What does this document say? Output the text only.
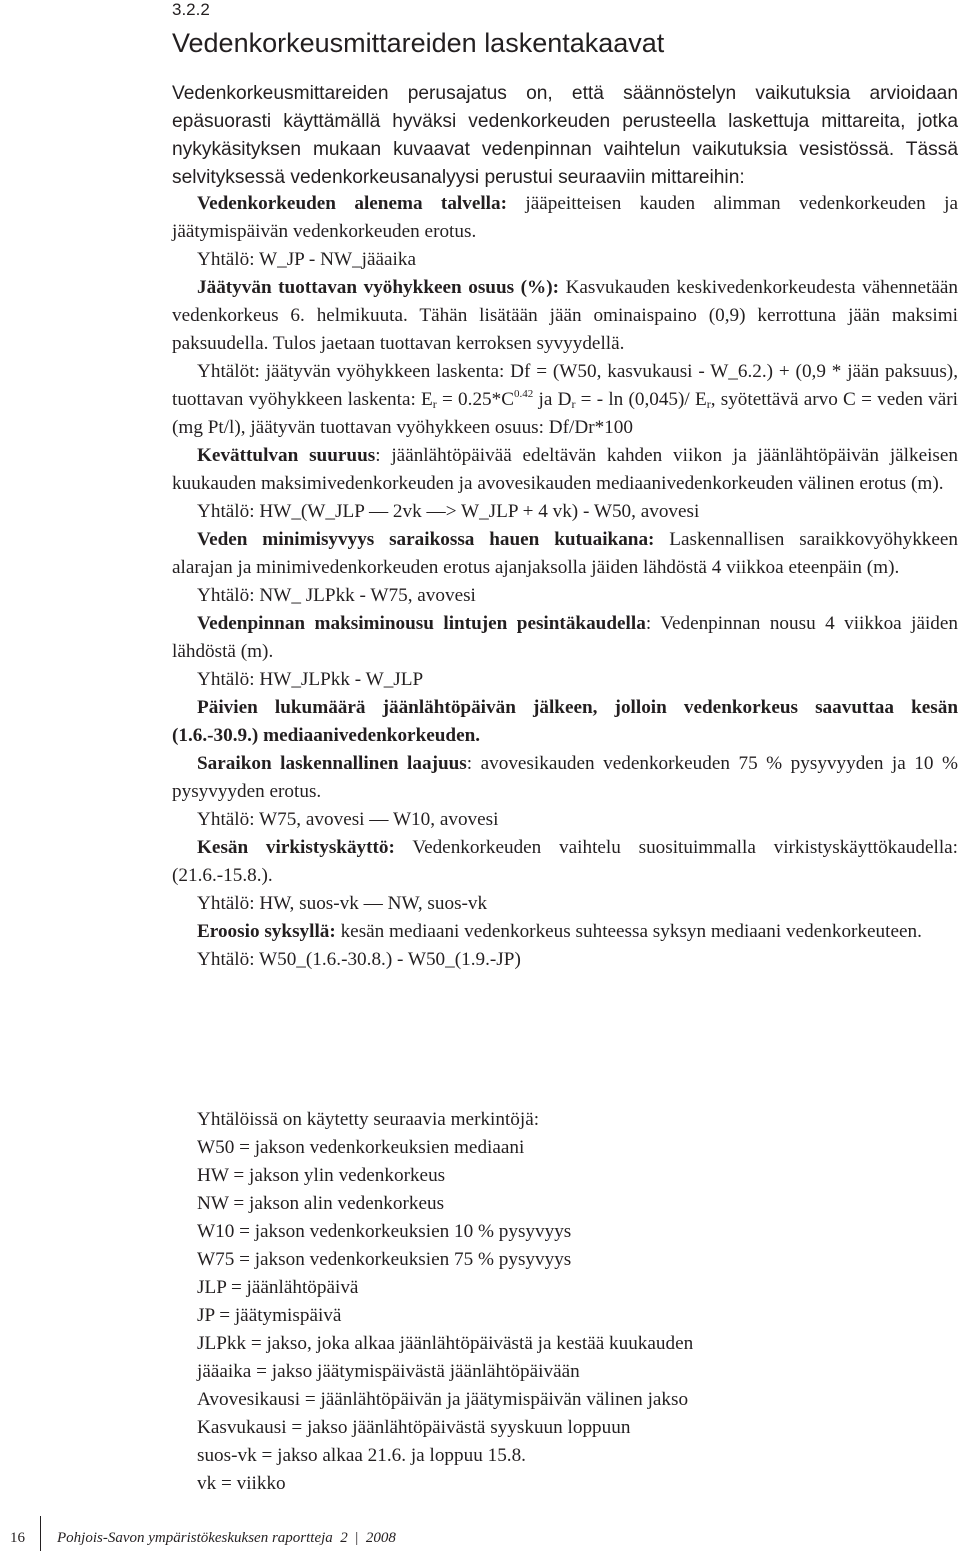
3.2.2
Vedenkorkeusmittareiden laskentakaavat

Vedenkorkeusmittareiden perusajatus on, että säännöstelyn vaikutuksia arvioidaan epäsuorasti käyttämällä hyväksi vedenkorkeuden perusteella laskettuja mittareita, jotka nykykäsityksen mukaan kuvaavat vedenpinnan vaihtelun vaikutuksia vesistössä. Tässä selvityksessä vedenkorkeusanalyysi perustui seuraaviin mittareihin:

Vedenkorkeuden alenema talvella: jääpeitteisen kauden alimman vedenkorkeuden ja jäätymispäivän vedenkorkeuden erotus.

Yhtälö: W_JP - NW_jääaika

Jäätyvän tuottavan vyöhykkeen osuus (%): Kasvukauden keskivedenkorkeudesta vähennetään vedenkorkeus 6. helmikuuta. Tähän lisätään jään ominaispaino (0,9) kerrottuna jään maksimi paksuudella. Tulos jaetaan tuottavan kerroksen syvyydellä.

Yhtälöt: jäätyvän vyöhykkeen laskenta: Df = (W50, kasvukausi - W_6.2.) + (0,9 * jään paksuus), tuottavan vyöhykkeen laskenta: $E_r = 0.25*C^{0.42}$ ja $D_r$ = - ln (0,045)/ $E_r$, syötettävä arvo C = veden väri (mg Pt/l), jäätyvän tuottavan vyöhykkeen osuus: Df/Dr*100

Kevättulvan suuruus: jäänlähtöpäivää edeltävän kahden viikon ja jäänlähtöpäivän jälkeisen kuukauden maksimivedenkorkeuden ja avovesikauden mediaanivedenkorkeuden välinen erotus (m).

Yhtälö: HW_(W_JLP — 2vk —> W_JLP + 4 vk) - W50, avovesi

Veden minimisyvyys saraikossa hauen kutuaikana: Laskennallisen saraikkovyöhykkeen alarajan ja minimivedenkorkeuden erotus ajanjaksolla jäiden lähdöstä 4 viikkoa eteenpäin (m).

Yhtälö: NW_ JLPkk - W75, avovesi

Vedenpinnan maksiminousu lintujen pesintäkaudella: Vedenpinnan nousu 4 viikkoa jäiden lähdöstä (m).

Yhtälö: HW_JLPkk - W_JLP

Päivien lukumäärä jäänlähtöpäivän jälkeen, jolloin vedenkorkeus saavuttaa kesän (1.6.-30.9.) mediaanivedenkorkeuden.

Saraikon laskennallinen laajuus: avovesikauden vedenkorkeuden 75 % pysyvyyden ja 10 % pysyvyyden erotus.

Yhtälö: W75, avovesi — W10, avovesi

Kesän virkistyskäyttö: Vedenkorkeuden vaihtelu suosituimmalla virkistyskäyttökaudella: (21.6.-15.8.).

Yhtälö: HW, suos-vk — NW, suos-vk

Eroosio syksyllä: kesän mediaani vedenkorkeus suhteessa syksyn mediaani vedenkorkeuteen.

Yhtälö: W50_(1.6.-30.8.) - W50_(1.9.-JP)

Yhtälöissä on käytetty seuraavia merkintöjä:
W50 = jakson vedenkorkeuksien mediaani
HW = jakson ylin vedenkorkeus
NW = jakson alin vedenkorkeus
W10 = jakson vedenkorkeuksien 10 % pysyvyys
W75 = jakson vedenkorkeuksien 75 % pysyvyys
JLP = jäänlähtöpäivä
JP = jäätymispäivä
JLPkk = jakso, joka alkaa jäänlähtöpäivästä ja kestää kuukauden
jääaika = jakso jäätymispäivästä jäänlähtöpäivään
Avovesikausi = jäänlähtöpäivän ja jäätymispäivän välinen jakso
Kasvukausi = jakso jäänlähtöpäivästä syyskuun loppuun
suos-vk = jakso alkaa 21.6. ja loppuu 15.8.
vk = viikko
16 Pohjois-Savon ympäristökeskuksen raportteja 2  |  2008
